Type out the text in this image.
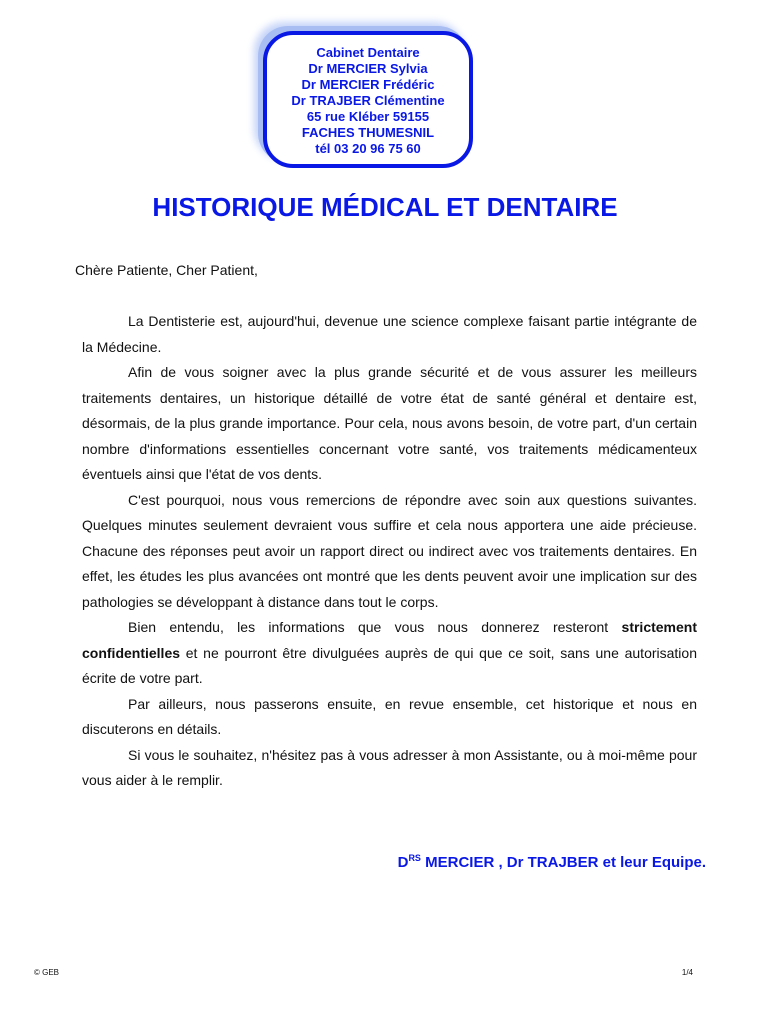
Cabinet Dentaire
Dr MERCIER Sylvia
Dr MERCIER Frédéric
Dr TRAJBER Clémentine
65 rue Kléber 59155
FACHES THUMESNIL
tél 03 20 96 75 60
HISTORIQUE MÉDICAL ET DENTAIRE

Chère Patiente, Cher Patient,

La Dentisterie est, aujourd'hui, devenue une science complexe faisant partie intégrante de la Médecine.

Afin de vous soigner avec la plus grande sécurité et de vous assurer les meilleurs traitements dentaires, un historique détaillé de votre état de santé général et dentaire est, désormais, de la plus grande importance. Pour cela, nous avons besoin, de votre part, d'un certain nombre d'informations essentielles concernant votre santé, vos traitements médicamenteux éventuels ainsi que l'état de vos dents.

C'est pourquoi, nous vous remercions de répondre avec soin aux questions suivantes. Quelques minutes seulement devraient vous suffire et cela nous apportera une aide précieuse. Chacune des réponses peut avoir un rapport direct ou indirect avec vos traitements dentaires. En effet, les études les plus avancées ont montré que les dents peuvent avoir une implication sur des pathologies se développant à distance dans tout le corps.

Bien entendu, les informations que vous nous donnerez resteront strictement confidentielles et ne pourront être divulguées auprès de qui que ce soit, sans une autorisation écrite de votre part.

Par ailleurs, nous passerons ensuite, en revue ensemble, cet historique et nous en discuterons en détails.

Si vous le souhaitez, n'hésitez pas à vous adresser à mon Assistante, ou à moi-même pour vous aider à le remplir.

$D^{RS}$ MERCIER , Dr TRAJBER et leur Equipe.

© GEB	1/4
